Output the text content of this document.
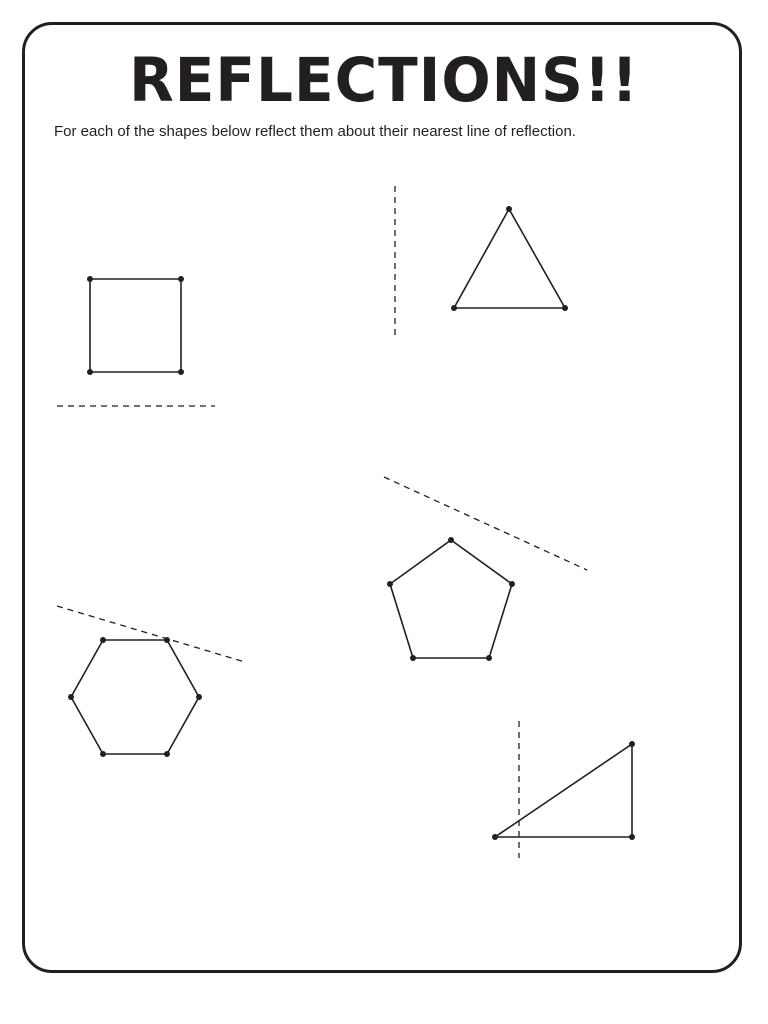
REFLECTIONS!!

For each of the shapes below reflect them about their nearest line of reflection.
